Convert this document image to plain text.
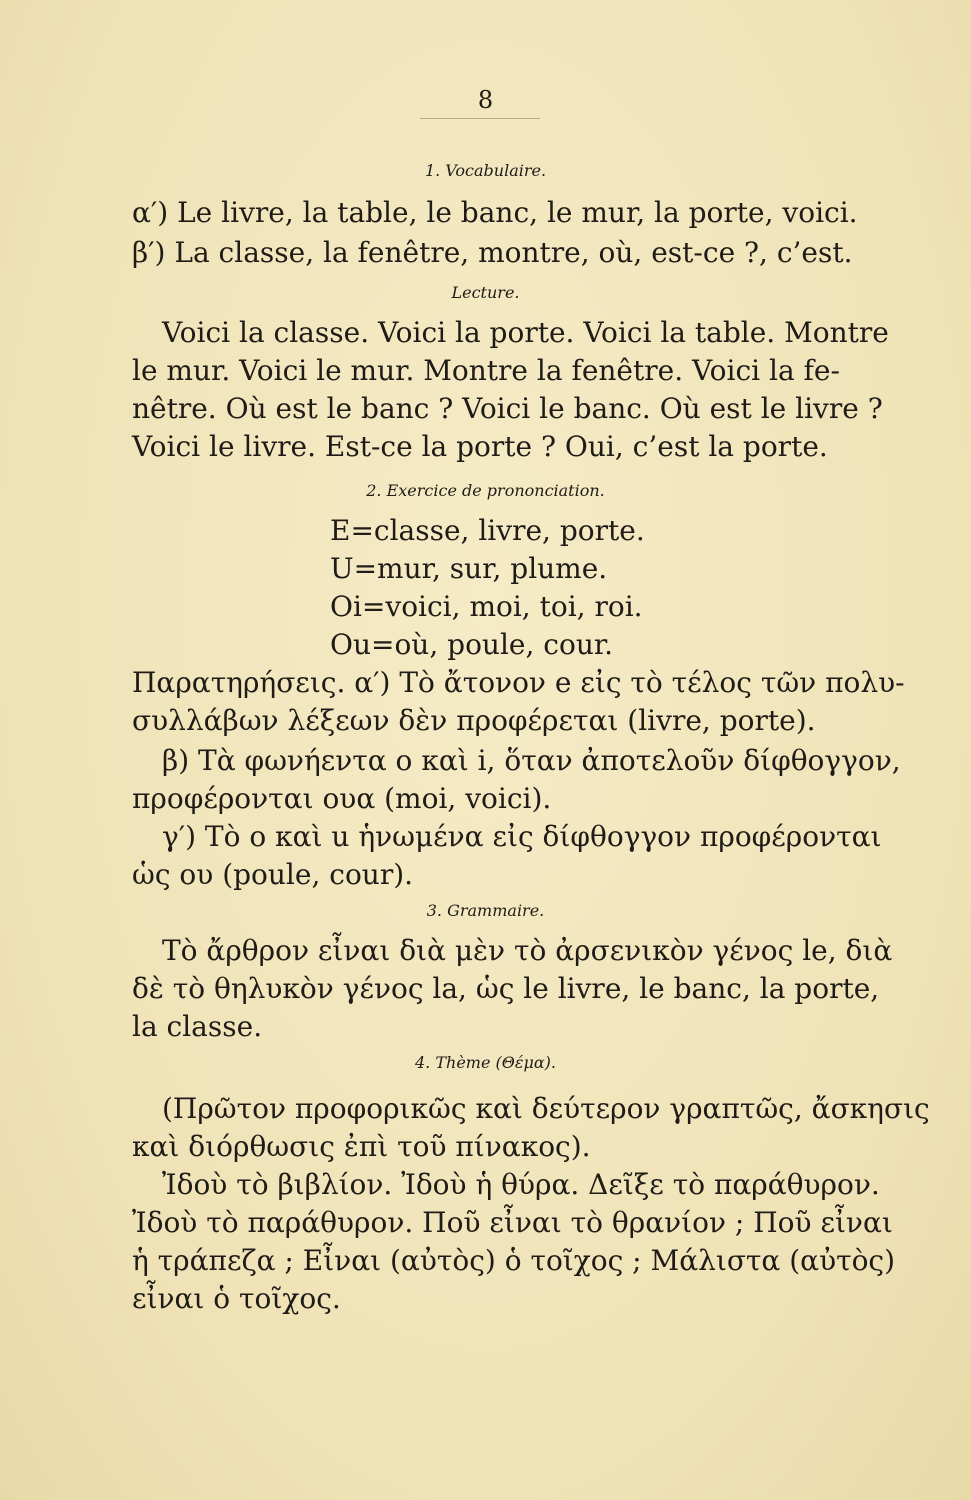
8
1. Vocabulaire.
α′) Le livre, la table, le banc, le mur, la porte, voici.
β′) La classe, la fenêtre, montre, où, est-ce ?, c’est.
Lecture.
Voici la classe. Voici la porte. Voici la table. Montre
le mur. Voici le mur. Montre la fenêtre. Voici la fe-
nêtre. Où est le banc ? Voici le banc. Où est le livre ?
Voici le livre. Est-ce la porte ? Oui, c’est la porte.
2. Exercice de prononciation.
E=classe, livre, porte.
U=mur, sur, plume.
Oi=voici, moi, toi, roi.
Ou=où, poule, cour.
Παρατηρήσεις. α′) Τὸ ἄτονον e εἰς τὸ τέλος τῶν πολυ-
συλλάβων λέξεων δὲν προφέρεται (livre, porte).
β) Τὰ φωνήεντα o καὶ i, ὅταν ἀποτελοῦν δίφθογγον,
προφέρονται ουα (moi, voici).
γ′) Τὸ o καὶ u ἡνωμένα εἰς δίφθογγον προφέρονται
ὡς ου (poule, cour).
3. Grammaire.
Τὸ ἄρθρον εἶναι διὰ μὲν τὸ ἀρσενικὸν γένος le, διὰ
δὲ τὸ θηλυκὸν γένος la, ὡς le livre, le banc, la porte,
la classe.
4. Thème (Θέμα).
(Πρῶτον προφορικῶς καὶ δεύτερον γραπτῶς, ἄσκησις
καὶ διόρθωσις ἐπὶ τοῦ πίνακος).
Ἰδοὺ τὸ βιβλίον. Ἰδοὺ ἡ θύρα. Δεῖξε τὸ παράθυρον.
Ἰδοὺ τὸ παράθυρον. Ποῦ εἶναι τὸ θρανίον ; Ποῦ εἶναι
ἡ τράπεζα ; Εἶναι (αὐτὸς) ὁ τοῖχος ; Μάλιστα (αὐτὸς)
εἶναι ὁ τοῖχος.
